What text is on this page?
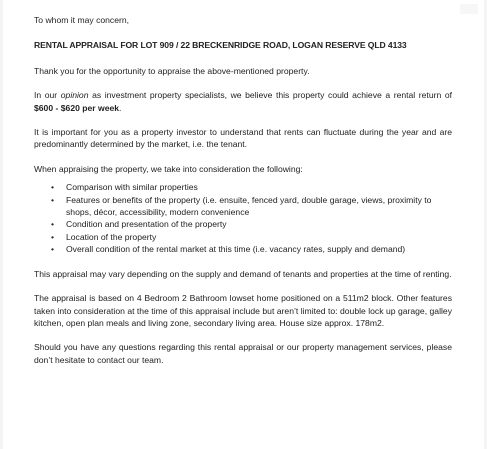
To whom it may concern,

RENTAL APPRAISAL FOR LOT 909 / 22 BRECKENRIDGE ROAD, LOGAN RESERVE QLD 4133

Thank you for the opportunity to appraise the above-mentioned property.

In our opinion as investment property specialists, we believe this property could achieve a rental return of $600 - $620 per week.

It is important for you as a property investor to understand that rents can fluctuate during the year and are predominantly determined by the market, i.e. the tenant.

When appraising the property, we take into consideration the following:

• Comparison with similar properties
• Features or benefits of the property (i.e. ensuite, fenced yard, double garage, views, proximity to shops, décor, accessibility, modern convenience
• Condition and presentation of the property
• Location of the property
• Overall condition of the rental market at this time (i.e. vacancy rates, supply and demand)

This appraisal may vary depending on the supply and demand of tenants and properties at the time of renting.

The appraisal is based on 4 Bedroom 2 Bathroom lowset home positioned on a 511m2 block. Other features taken into consideration at the time of this appraisal include but aren’t limited to: double lock up garage, galley kitchen, open plan meals and living zone, secondary living area. House size approx. 178m2.

Should you have any questions regarding this rental appraisal or our property management services, please don’t hesitate to contact our team.
